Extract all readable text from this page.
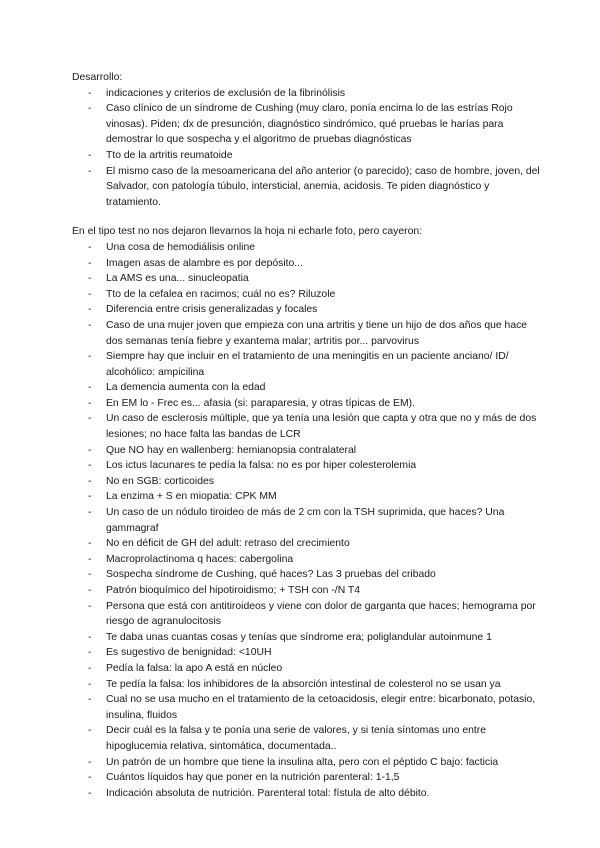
Desarrollo:

- indicaciones y criterios de exclusión de la fibrinólisis
- Caso clínico de un síndrome de Cushing (muy claro, ponía encima lo de las estrías Rojo vinosas). Piden; dx de presunción, diagnóstico sindrómico, qué pruebas le harías para demostrar lo que sospecha y el algoritmo de pruebas diagnósticas
- Tto de la artritis reumatoide
- El mismo caso de la mesoamericana del año anterior (o parecido); caso de hombre, joven, del Salvador, con patología túbulo, intersticial, anemia, acidosis. Te piden diagnóstico y tratamiento.

En el tipo test no nos dejaron llevarnos la hoja ni echarle foto, pero cayeron:

- Una cosa de hemodiálisis online
- Imagen asas de alambre es por depósito...
- La AMS es una... sinucleopatia
- Tto de la cefalea en racimos; cuál no es? Riluzole
- Diferencia entre crisis generalizadas y focales
- Caso de una mujer joven que empieza con una artritis y tiene un hijo de dos años que hace dos semanas tenía fiebre y exantema malar; artritis por... parvovirus
- Siempre hay que incluir en el tratamiento de una meningitis en un paciente anciano/ ID/ alcohólico: ampicilina
- La demencia aumenta con la edad
- En EM lo - Frec es... afasia (si: paraparesia, y otras típicas de EM).
- Un caso de esclerosis múltiple, que ya tenía una lesión que capta y otra que no y más de dos lesiones; no hace falta las bandas de LCR
- Que NO hay en wallenberg: hemianopsia contralateral
- Los ictus lacunares te pedía la falsa: no es por hiper colesterolemia
- No en SGB: corticoides
- La enzima + S en miopatia: CPK MM
- Un caso de un nódulo tiroideo de más de 2 cm con la TSH suprimida, que haces? Una gammagraf
- No en déficit de GH del adult: retraso del crecimiento
- Macroprolactinoma q haces: cabergolina
- Sospecha síndrome de Cushing, qué haces? Las 3 pruebas del cribado
- Patrón bioquímico del hipotiroidismo; + TSH con -/N T4
- Persona que está con antitiroideos y viene con dolor de garganta que haces; hemograma por riesgo de agranulocitosis
- Te daba unas cuantas cosas y tenías que síndrome era; poliglandular autoinmune 1
- Es sugestivo de benignidad: <10UH
- Pedía la falsa: la apo A está en núcleo
- Te pedía la falsa: los inhibidores de la absorción intestinal de colesterol no se usan ya
- Cual no se usa mucho en el tratamiento de la cetoacidosis, elegir entre: bicarbonato, potasio, insulina, fluidos
- Decir cuál es la falsa y te ponía una serie de valores, y si tenía síntomas uno entre hipoglucemia relativa, sintomática, documentada..
- Un patrón de un hombre que tiene la insulina alta, pero con el péptido C bajo: facticia
- Cuántos líquidos hay que poner en la nutrición parenteral: 1-1,5
- Indicación absoluta de nutrición. Parenteral total: fístula de alto débito.
